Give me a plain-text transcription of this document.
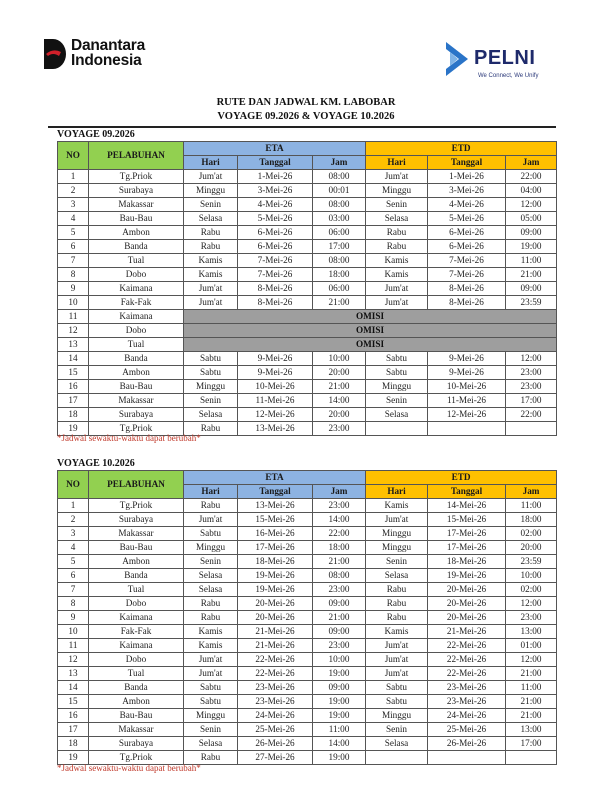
Danantara
Indonesia	PELNI
We Connect, We Unify
RUTE DAN JADWAL KM. LABOBAR
VOYAGE 09.2026 & VOYAGE 10.2026
VOYAGE 09.2026
NO	PELABUHAN	ETA			ETD		
		Hari	Tanggal	Jam	Hari	Tanggal	Jam
1	Tg.Priok	Jum'at	1-Mei-26	08:00	Jum'at	1-Mei-26	22:00
2	Surabaya	Minggu	3-Mei-26	00:01	Minggu	3-Mei-26	04:00
3	Makassar	Senin	4-Mei-26	08:00	Senin	4-Mei-26	12:00
4	Bau-Bau	Selasa	5-Mei-26	03:00	Selasa	5-Mei-26	05:00
5	Ambon	Rabu	6-Mei-26	06:00	Rabu	6-Mei-26	09:00
6	Banda	Rabu	6-Mei-26	17:00	Rabu	6-Mei-26	19:00
7	Tual	Kamis	7-Mei-26	08:00	Kamis	7-Mei-26	11:00
8	Dobo	Kamis	7-Mei-26	18:00	Kamis	7-Mei-26	21:00
9	Kaimana	Jum'at	8-Mei-26	06:00	Jum'at	8-Mei-26	09:00
10	Fak-Fak	Jum'at	8-Mei-26	21:00	Jum'at	8-Mei-26	23:59
11	Kaimana	OMISI					
12	Dobo	OMISI					
13	Tual	OMISI					
14	Banda	Sabtu	9-Mei-26	10:00	Sabtu	9-Mei-26	12:00
15	Ambon	Sabtu	9-Mei-26	20:00	Sabtu	9-Mei-26	23:00
16	Bau-Bau	Minggu	10-Mei-26	21:00	Minggu	10-Mei-26	23:00
17	Makassar	Senin	11-Mei-26	14:00	Senin	11-Mei-26	17:00
18	Surabaya	Selasa	12-Mei-26	20:00	Selasa	12-Mei-26	22:00
19	Tg.Priok	Rabu	13-Mei-26	23:00			
*Jadwal sewaktu-waktu dapat berubah*
VOYAGE 10.2026
NO	PELABUHAN	ETA			ETD		
		Hari	Tanggal	Jam	Hari	Tanggal	Jam
1	Tg.Priok	Rabu	13-Mei-26	23:00	Kamis	14-Mei-26	11:00
2	Surabaya	Jum'at	15-Mei-26	14:00	Jum'at	15-Mei-26	18:00
3	Makassar	Sabtu	16-Mei-26	22:00	Minggu	17-Mei-26	02:00
4	Bau-Bau	Minggu	17-Mei-26	18:00	Minggu	17-Mei-26	20:00
5	Ambon	Senin	18-Mei-26	21:00	Senin	18-Mei-26	23:59
6	Banda	Selasa	19-Mei-26	08:00	Selasa	19-Mei-26	10:00
7	Tual	Selasa	19-Mei-26	23:00	Rabu	20-Mei-26	02:00
8	Dobo	Rabu	20-Mei-26	09:00	Rabu	20-Mei-26	12:00
9	Kaimana	Rabu	20-Mei-26	21:00	Rabu	20-Mei-26	23:00
10	Fak-Fak	Kamis	21-Mei-26	09:00	Kamis	21-Mei-26	13:00
11	Kaimana	Kamis	21-Mei-26	23:00	Jum'at	22-Mei-26	01:00
12	Dobo	Jum'at	22-Mei-26	10:00	Jum'at	22-Mei-26	12:00
13	Tual	Jum'at	22-Mei-26	19:00	Jum'at	22-Mei-26	21:00
14	Banda	Sabtu	23-Mei-26	09:00	Sabtu	23-Mei-26	11:00
15	Ambon	Sabtu	23-Mei-26	19:00	Sabtu	23-Mei-26	21:00
16	Bau-Bau	Minggu	24-Mei-26	19:00	Minggu	24-Mei-26	21:00
17	Makassar	Senin	25-Mei-26	11:00	Senin	25-Mei-26	13:00
18	Surabaya	Selasa	26-Mei-26	14:00	Selasa	26-Mei-26	17:00
19	Tg.Priok	Rabu	27-Mei-26	19:00			
*Jadwal sewaktu-waktu dapat berubah*
